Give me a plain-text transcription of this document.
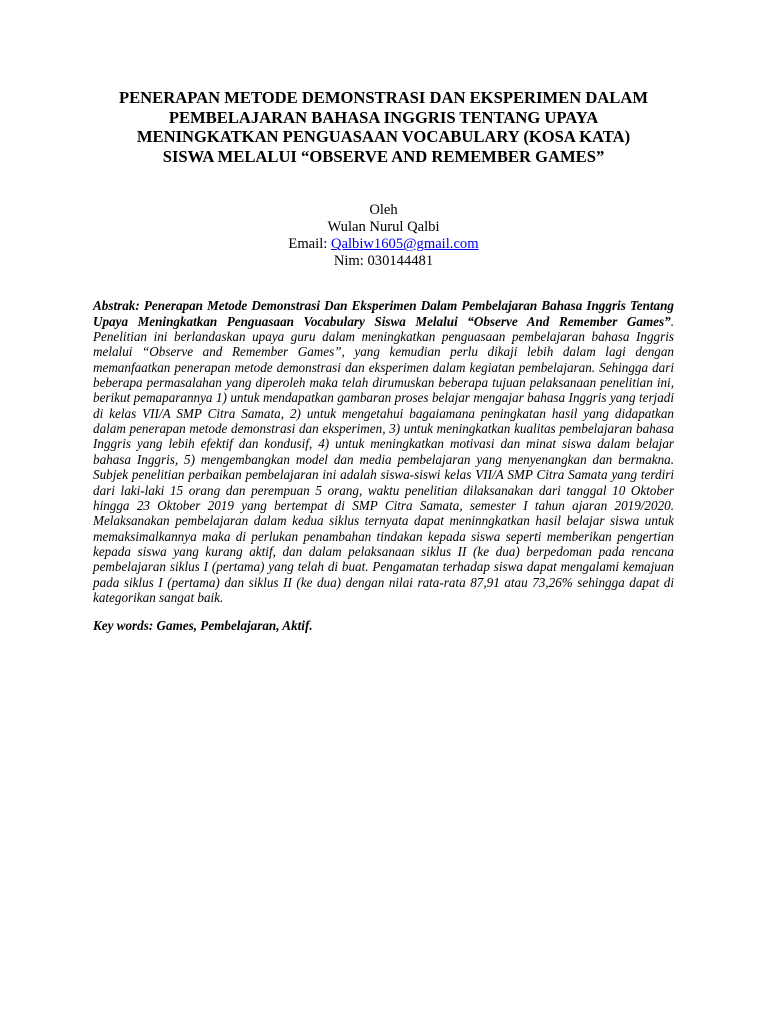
PENERAPAN METODE DEMONSTRASI DAN EKSPERIMEN DALAM
PEMBELAJARAN BAHASA INGGRIS TENTANG UPAYA
MENINGKATKAN PENGUASAAN VOCABULARY (KOSA KATA)
SISWA MELALUI “OBSERVE AND REMEMBER GAMES”
Oleh
Wulan Nurul Qalbi
Email: Qalbiw1605@gmail.com
Nim: 030144481

Abstrak: Penerapan Metode Demonstrasi Dan Eksperimen Dalam Pembelajaran Bahasa Inggris Tentang Upaya Meningkatkan Penguasaan Vocabulary Siswa Melalui “Observe And Remember Games”. Penelitian ini berlandaskan upaya guru dalam meningkatkan penguasaan pembelajaran bahasa Inggris melalui “Observe and Remember Games”, yang kemudian perlu dikaji lebih dalam lagi dengan memanfaatkan penerapan metode demonstrasi dan eksperimen dalam kegiatan pembelajaran. Sehingga dari beberapa permasalahan yang diperoleh maka telah dirumuskan beberapa tujuan pelaksanaan penelitian ini, berikut pemaparannya 1) untuk mendapatkan gambaran proses belajar mengajar bahasa Inggris yang terjadi di kelas VII/A SMP Citra Samata, 2) untuk mengetahui bagaiamana peningkatan hasil yang didapatkan dalam penerapan metode demonstrasi dan eksperimen, 3) untuk meningkatkan kualitas pembelajaran bahasa Inggris yang lebih efektif dan kondusif, 4) untuk meningkatkan motivasi dan minat siswa dalam belajar bahasa Inggris, 5) mengembangkan model dan media pembelajaran yang menyenangkan dan bermakna. Subjek penelitian perbaikan pembelajaran ini adalah siswa-siswi kelas VII/A SMP Citra Samata yang terdiri dari laki-laki 15 orang dan perempuan 5 orang, waktu penelitian dilaksanakan dari tanggal 10 Oktober hingga 23 Oktober 2019 yang bertempat di SMP Citra Samata, semester I tahun ajaran 2019/2020. Melaksanakan pembelajaran dalam kedua siklus ternyata dapat meninngkatkan hasil belajar siswa untuk memaksimalkannya maka di perlukan penambahan tindakan kepada siswa seperti memberikan pengertian kepada siswa yang kurang aktif, dan dalam pelaksanaan siklus II (ke dua) berpedoman pada rencana pembelajaran siklus I (pertama) yang telah di buat. Pengamatan terhadap siswa dapat mengalami kemajuan pada siklus I (pertama) dan siklus II (ke dua) dengan nilai rata-rata 87,91 atau 73,26% sehingga dapat di kategorikan sangat baik.

Key words: Games, Pembelajaran, Aktif.
